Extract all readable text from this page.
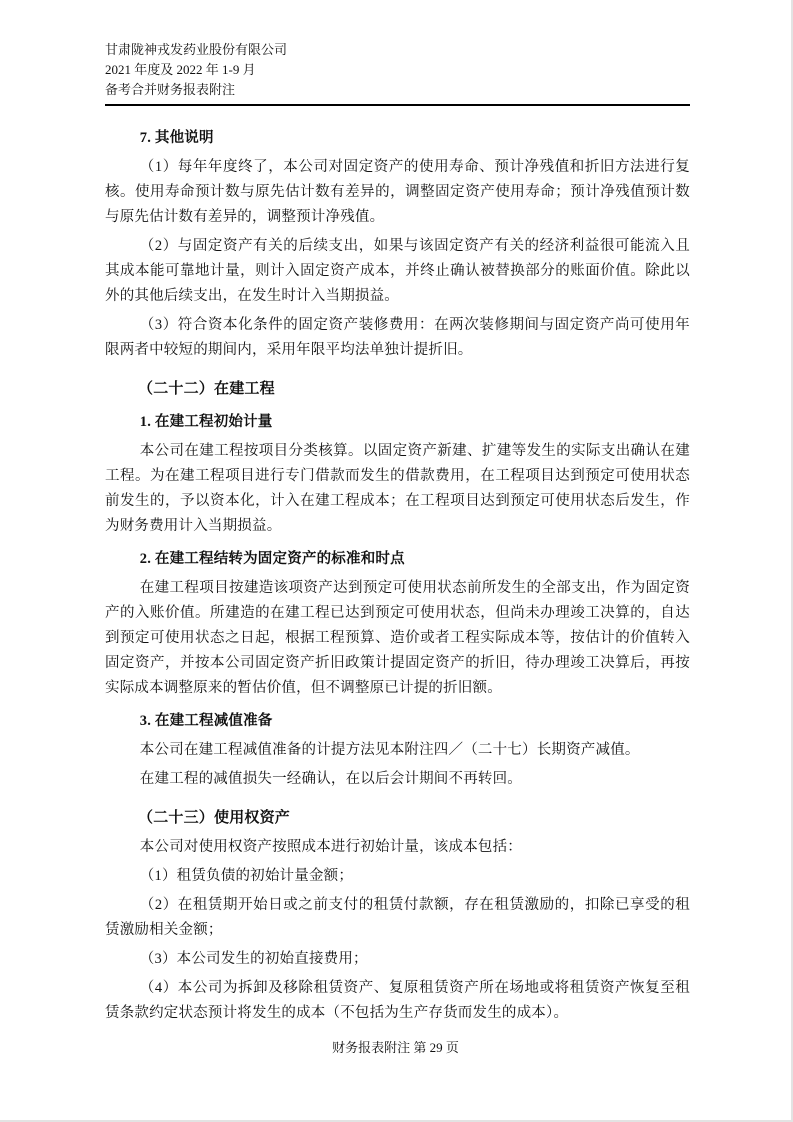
甘肃陇神戎发药业股份有限公司
2021 年度及 2022 年 1-9 月
备考合并财务报表附注
7. 其他说明
（1）每年年度终了，本公司对固定资产的使用寿命、预计净残值和折旧方法进行复核。使用寿命预计数与原先估计数有差异的，调整固定资产使用寿命；预计净残值预计数与原先估计数有差异的，调整预计净残值。
（2）与固定资产有关的后续支出，如果与该固定资产有关的经济利益很可能流入且其成本能可靠地计量，则计入固定资产成本，并终止确认被替换部分的账面价值。除此以外的其他后续支出，在发生时计入当期损益。
（3）符合资本化条件的固定资产装修费用：在两次装修期间与固定资产尚可使用年限两者中较短的期间内，采用年限平均法单独计提折旧。
（二十二）在建工程
1. 在建工程初始计量
本公司在建工程按项目分类核算。以固定资产新建、扩建等发生的实际支出确认在建工程。为在建工程项目进行专门借款而发生的借款费用，在工程项目达到预定可使用状态前发生的，予以资本化，计入在建工程成本；在工程项目达到预定可使用状态后发生，作为财务费用计入当期损益。
2. 在建工程结转为固定资产的标准和时点
在建工程项目按建造该项资产达到预定可使用状态前所发生的全部支出，作为固定资产的入账价值。所建造的在建工程已达到预定可使用状态，但尚未办理竣工决算的，自达到预定可使用状态之日起，根据工程预算、造价或者工程实际成本等，按估计的价值转入固定资产，并按本公司固定资产折旧政策计提固定资产的折旧，待办理竣工决算后，再按实际成本调整原来的暂估价值，但不调整原已计提的折旧额。
3. 在建工程减值准备
本公司在建工程减值准备的计提方法见本附注四／（二十七）长期资产减值。
在建工程的减值损失一经确认，在以后会计期间不再转回。
（二十三）使用权资产
本公司对使用权资产按照成本进行初始计量，该成本包括：
（1）租赁负债的初始计量金额；
（2）在租赁期开始日或之前支付的租赁付款额，存在租赁激励的，扣除已享受的租赁激励相关金额；
（3）本公司发生的初始直接费用；
（4）本公司为拆卸及移除租赁资产、复原租赁资产所在场地或将租赁资产恢复至租赁条款约定状态预计将发生的成本（不包括为生产存货而发生的成本）。
财务报表附注 第 29 页
